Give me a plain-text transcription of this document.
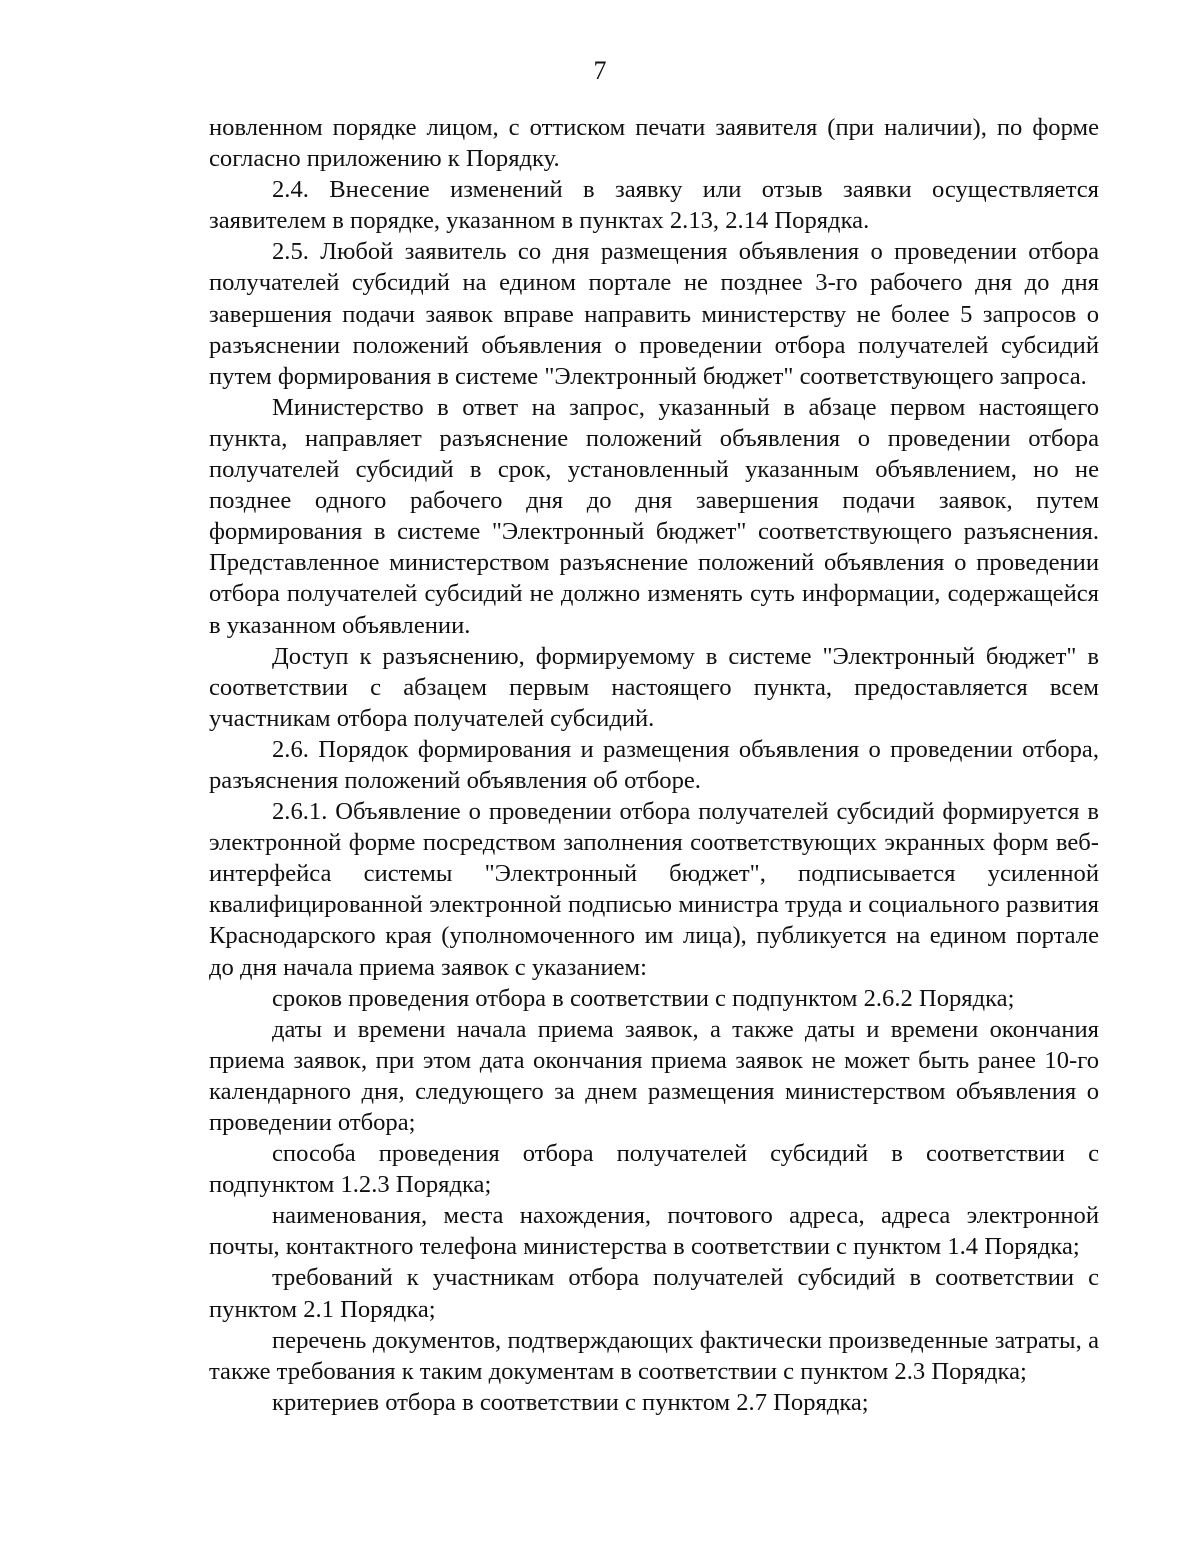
7

новленном порядке лицом, с оттиском печати заявителя (при наличии), по форме согласно приложению к Порядку.

2.4. Внесение изменений в заявку или отзыв заявки осуществляется заявителем в порядке, указанном в пунктах 2.13, 2.14 Порядка.

2.5. Любой заявитель со дня размещения объявления о проведении отбора получателей субсидий на едином портале не позднее 3-го рабочего дня до дня завершения подачи заявок вправе направить министерству не более 5 запросов о разъяснении положений объявления о проведении отбора получателей субсидий путем формирования в системе "Электронный бюджет" соответствующего запроса.

Министерство в ответ на запрос, указанный в абзаце первом настоящего пункта, направляет разъяснение положений объявления о проведении отбора получателей субсидий в срок, установленный указанным объявлением, но не позднее одного рабочего дня до дня завершения подачи заявок, путем формирования в системе "Электронный бюджет" соответствующего разъяснения. Представленное министерством разъяснение положений объявления о проведении отбора получателей субсидий не должно изменять суть информации, содержащейся в указанном объявлении.

Доступ к разъяснению, формируемому в системе "Электронный бюджет" в соответствии с абзацем первым настоящего пункта, предоставляется всем участникам отбора получателей субсидий.

2.6. Порядок формирования и размещения объявления о проведении отбора, разъяснения положений объявления об отборе.

2.6.1. Объявление о проведении отбора получателей субсидий формируется в электронной форме посредством заполнения соответствующих экранных форм веб-интерфейса системы "Электронный бюджет", подписывается усиленной квалифицированной электронной подписью министра труда и социального развития Краснодарского края (уполномоченного им лица), публикуется на едином портале до дня начала приема заявок с указанием:

сроков проведения отбора в соответствии с подпунктом 2.6.2 Порядка;

даты и времени начала приема заявок, а также даты и времени окончания приема заявок, при этом дата окончания приема заявок не может быть ранее 10-го календарного дня, следующего за днем размещения министерством объявления о проведении отбора;

способа проведения отбора получателей субсидий в соответствии с подпунктом 1.2.3 Порядка;

наименования, места нахождения, почтового адреса, адреса электронной почты, контактного телефона министерства в соответствии с пунктом 1.4 Порядка;

требований к участникам отбора получателей субсидий в соответствии с пунктом 2.1 Порядка;

перечень документов, подтверждающих фактически произведенные затраты, а также требования к таким документам в соответствии с пунктом 2.3 Порядка;

критериев отбора в соответствии с пунктом 2.7 Порядка;
